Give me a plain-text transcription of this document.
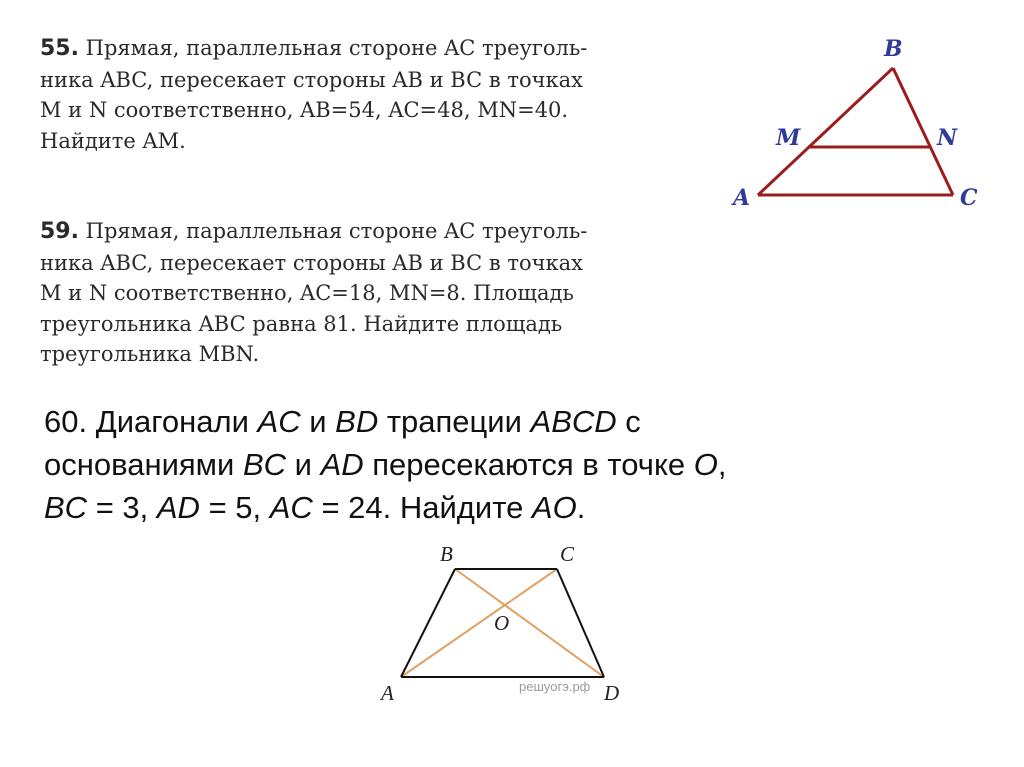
55. Прямая, параллельная стороне AC треуголь-
ника ABC, пересекает стороны AB и BC в точках
M и N соответственно, AB=54, AC=48, MN=40.
Найдите AM.
59. Прямая, параллельная стороне AC треуголь-
ника ABC, пересекает стороны AB и BC в точках
M и N соответственно, AC=18, MN=8. Площадь
треугольника ABC равна 81. Найдите площадь
треугольника MBN.
60. Диагонали AC и BD трапеции ABCD с
основаниями BC и AD пересекаются в точке O,
BC = 3, AD = 5, AC = 24. Найдите AO.
B
M	N
A	C
B	C
O
A	решуогэ.рф D
